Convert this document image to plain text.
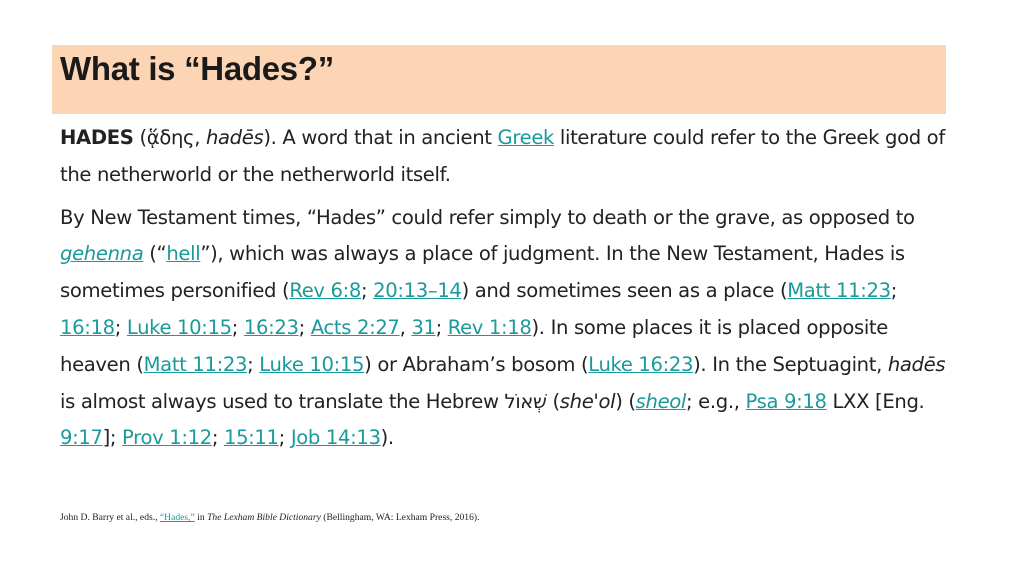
What is “Hades?”

HADES (ᾅδης, hadēs). A word that in ancient Greek literature could refer to the Greek god of the netherworld or the netherworld itself.

By New Testament times, “Hades” could refer simply to death or the grave, as opposed to gehenna (“hell”), which was always a place of judgment. In the New Testament, Hades is sometimes personified (Rev 6:8; 20:13–14) and sometimes seen as a place (Matt 11:23; 16:18; Luke 10:15; 16:23; Acts 2:27, 31; Rev 1:18). In some places it is placed opposite heaven (Matt 11:23; Luke 10:15) or Abraham’s bosom (Luke 16:23). In the Septuagint, hadēs is almost always used to translate the Hebrew שְׁאוֹל (she'ol) (sheol; e.g., Psa 9:18 LXX [Eng. 9:17]; Prov 1:12; 15:11; Job 14:13).

John D. Barry et al., eds., “Hades,” in The Lexham Bible Dictionary (Bellingham, WA: Lexham Press, 2016).
